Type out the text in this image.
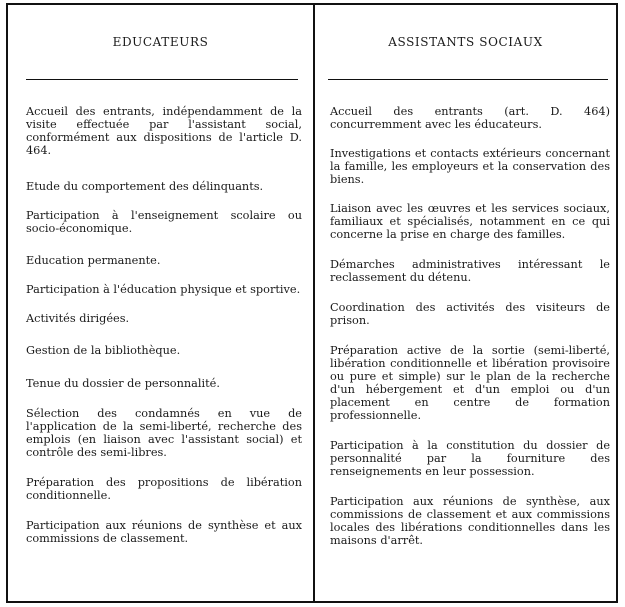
EDUCATEURS	ASSISTANTS SOCIAUX

Accueil des entrants, indépendamment de la visite effectuée par l'assistant social, conformément aux dispositions de l'article D. 464.

Etude du comportement des délinquants.

Participation à l'enseignement scolaire ou socio-économique.

Education permanente.

Participation à l'éducation physique et sportive.

Activités dirigées.

Gestion de la bibliothèque.

Tenue du dossier de personnalité.

Sélection des condamnés en vue de l'application de la semi-liberté, recherche des emplois (en liaison avec l'assistant social) et contrôle des semi-libres.

Préparation des propositions de libération conditionnelle.

Participation aux réunions de synthèse et aux commissions de classement.

Accueil des entrants (art. D. 464) concurremment avec les éducateurs.

Investigations et contacts extérieurs concernant la famille, les employeurs et la conservation des biens.

Liaison avec les œuvres et les services sociaux, familiaux et spécialisés, notamment en ce qui concerne la prise en charge des familles.

Démarches administratives intéressant le reclassement du détenu.

Coordination des activités des visiteurs de prison.

Préparation active de la sortie (semi-liberté, libération conditionnelle et libération provisoire ou pure et simple) sur le plan de la recherche d'un hébergement et d'un emploi ou d'un placement en centre de formation professionnelle.

Participation à la constitution du dossier de personnalité par la fourniture des renseignements en leur possession.

Participation aux réunions de synthèse, aux commissions de classement et aux commissions locales des libérations conditionnelles dans les maisons d'arrêt.
